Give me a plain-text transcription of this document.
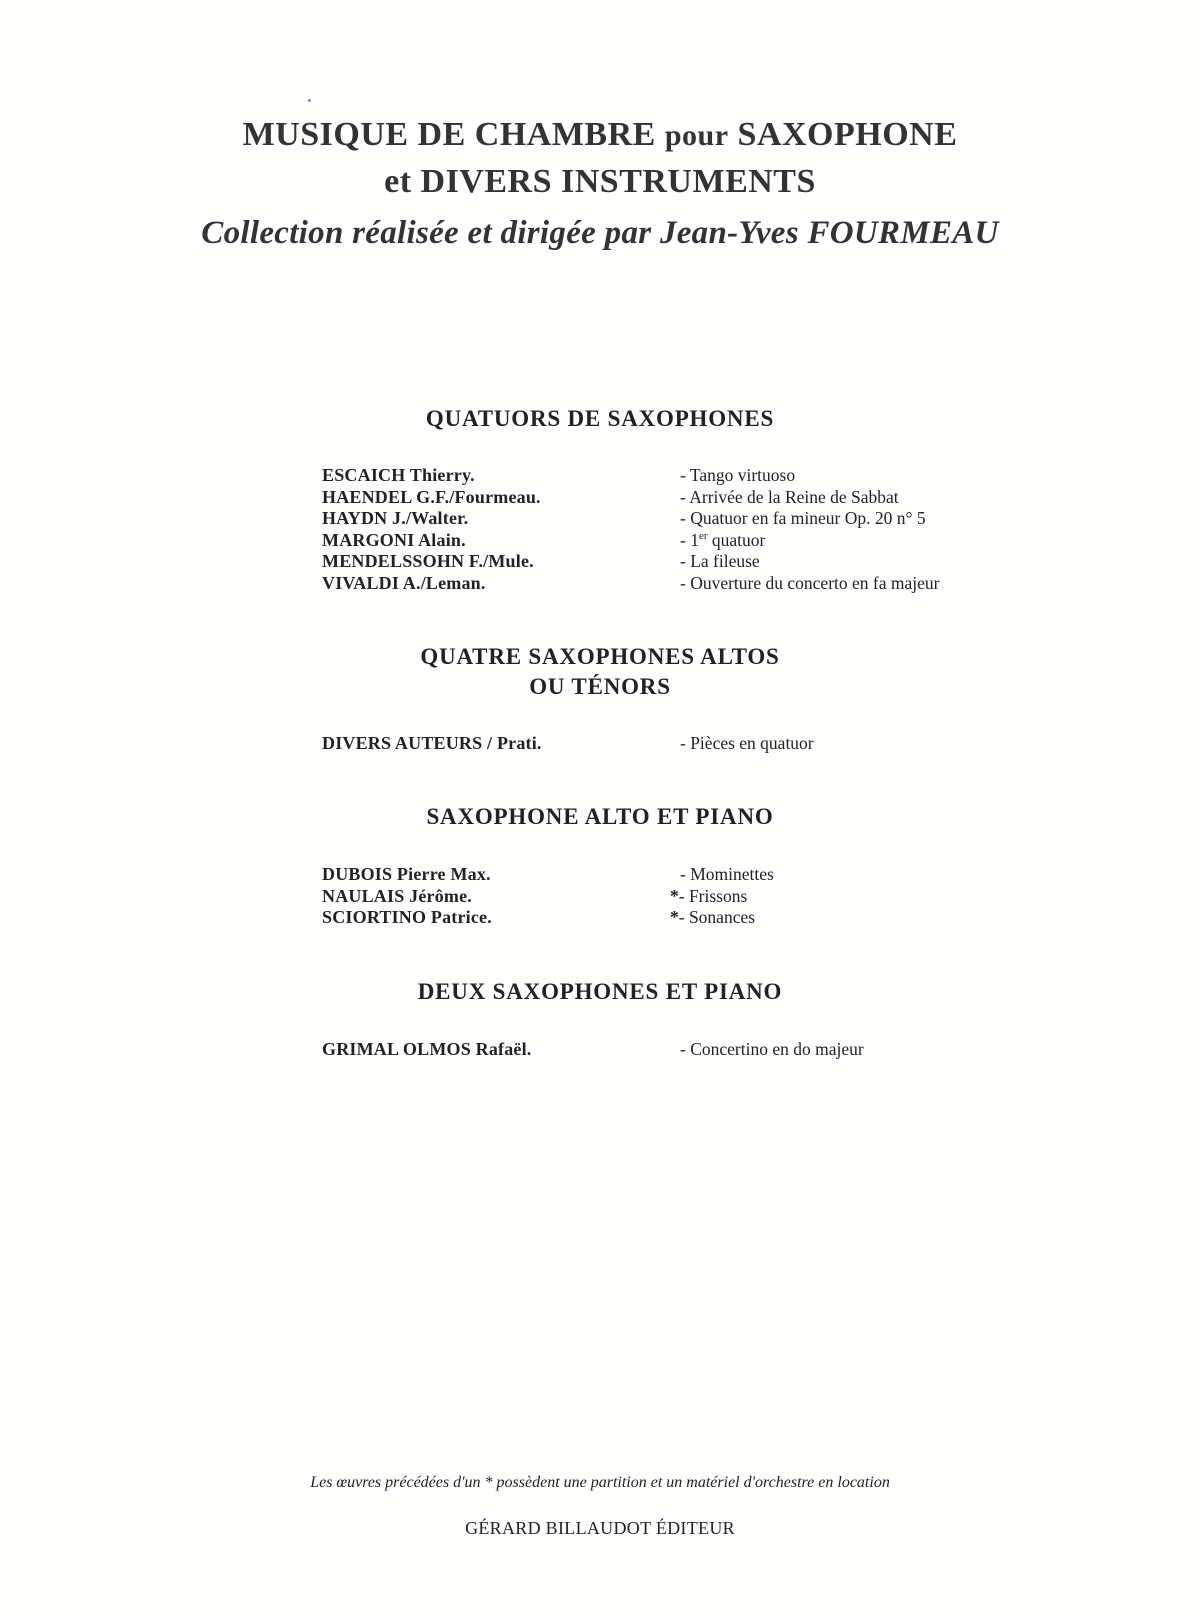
MUSIQUE DE CHAMBRE pour SAXOPHONE
et DIVERS INSTRUMENTS
Collection réalisée et dirigée par Jean-Yves FOURMEAU
QUATUORS DE SAXOPHONES
ESCAICH Thierry.	- Tango virtuoso
HAENDEL G.F./Fourmeau.	- Arrivée de la Reine de Sabbat
HAYDN J./Walter.	- Quatuor en fa mineur Op. 20 n° 5
MARGONI Alain.	- 1er quatuor
MENDELSSOHN F./Mule.	- La fileuse
VIVALDI A./Leman.	- Ouverture du concerto en fa majeur
QUATRE SAXOPHONES ALTOS
OU TÉNORS
DIVERS AUTEURS / Prati.	- Pièces en quatuor
SAXOPHONE ALTO ET PIANO
DUBOIS Pierre Max.	- Mominettes
NAULAIS Jérôme.	*- Frissons
SCIORTINO Patrice.	*- Sonances
DEUX SAXOPHONES ET PIANO
GRIMAL OLMOS Rafaël.	- Concertino en do majeur
Les œuvres précédées d'un * possèdent une partition et un matériel d'orchestre en location
GÉRARD BILLAUDOT ÉDITEUR
